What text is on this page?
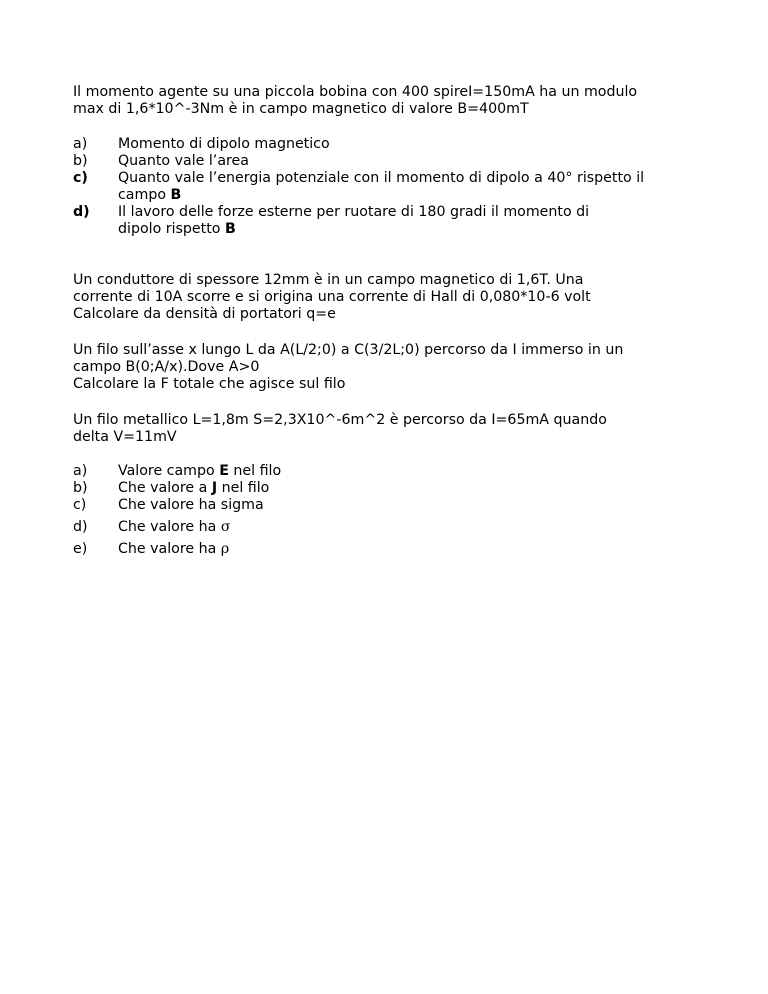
Il momento agente su una piccola bobina con 400 spireI=150mA ha un modulo
max di 1,6*10^-3Nm è in campo magnetico di valore B=400mT

a)	Momento di dipolo magnetico
b)	Quanto vale l’area
c)	Quanto vale l’energia potenziale con il momento di dipolo a 40° rispetto il
campo B
d)	Il lavoro delle forze esterne per ruotare di 180 gradi il momento di
dipolo rispetto B

Un conduttore di spessore 12mm è in un campo magnetico di 1,6T. Una
corrente di 10A scorre e si origina una corrente di Hall di 0,080*10-6 volt
Calcolare da densità di portatori q=e

Un filo sull’asse x lungo L da A(L/2;0) a C(3/2L;0) percorso da I immerso in un
campo B(0;A/x).Dove A>0
Calcolare la F totale che agisce sul filo

Un filo metallico L=1,8m S=2,3X10^-6m^2 è percorso da I=65mA quando
delta V=11mV

a)	Valore campo E nel filo
b)	Che valore a J nel filo
c)	Che valore ha sigma
d)	Che valore ha σ
e)	Che valore ha ρ
